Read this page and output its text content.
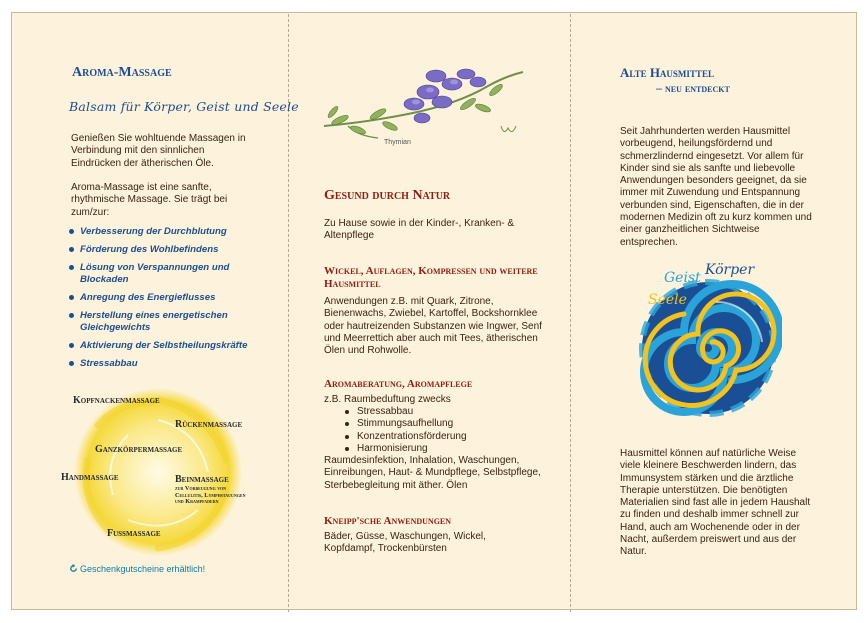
Aroma-Massage
Balsam für Körper, Geist und Seele

Genießen Sie wohltuende Massagen in Verbindung mit den sinnlichen Eindrücken der ätherischen Öle.

Aroma-Massage ist eine sanfte, rhythmische Massage. Sie trägt bei zum/zur:

Verbesserung der Durchblutung
Förderung des Wohlbefindens
Lösung von Verspannungen und Blockaden
Anregung des Energieflusses
Herstellung eines energetischen Gleichgewichts
Aktivierung der Selbstheilungskräfte
Stressabbau
Kopfnackenmassage
Rückenmassage
Ganzkörpermassage
Handmassage	Beinmassage
zur Vorbeugung von Cellulitis, Lymphstauungen und Krampfadern
Fussmassage
Geschenkgutscheine erhältlich!
Thymian
Gesund durch Natur

Zu Hause sowie in der Kinder-, Kranken- & Altenpflege

Wickel, Auflagen, Kompressen und weitere Hausmittel

Anwendungen z.B. mit Quark, Zitrone, Bienenwachs, Zwiebel, Kartoffel, Bockshornklee oder hautreizenden Substanzen wie Ingwer, Senf und Meerrettich aber auch mit Tees, ätherischen Ölen und Rohwolle.

Aromaberatung, Aromapflege

z.B. Raumbeduftung zwecks

Stressabbau
Stimmungsaufhellung
Konzentrationsförderung
Harmonisierung

Raumdesinfektion, Inhalation, Waschungen, Einreibungen, Haut- & Mundpflege, Selbstpflege, Sterbebegleitung mit äther. Ölen

Kneipp'sche Anwendungen

Bäder, Güsse, Waschungen, Wickel, Kopfdampf, Trockenbürsten

Alte Hausmittel
– neu entdeckt

Seit Jahrhunderten werden Hausmittel vorbeugend, heilungsfördernd und schmerzlindernd eingesetzt. Vor allem für Kinder sind sie als sanfte und liebevolle Anwendungen besonders geeignet, da sie immer mit Zuwendung und Entspannung verbunden sind, Eigenschaften, die in der modernen Medizin oft zu kurz kommen und einer ganzheitlichen Sichtweise entsprechen.

Körper
Geist
Seele

Hausmittel können auf natürliche Weise viele kleinere Beschwerden lindern, das Immunsystem stärken und die ärztliche Therapie unterstützen. Die benötigten Materialien sind fast alle in jedem Haushalt zu finden und deshalb immer schnell zur Hand, auch am Wochenende oder in der Nacht, außerdem preiswert und aus der Natur.
